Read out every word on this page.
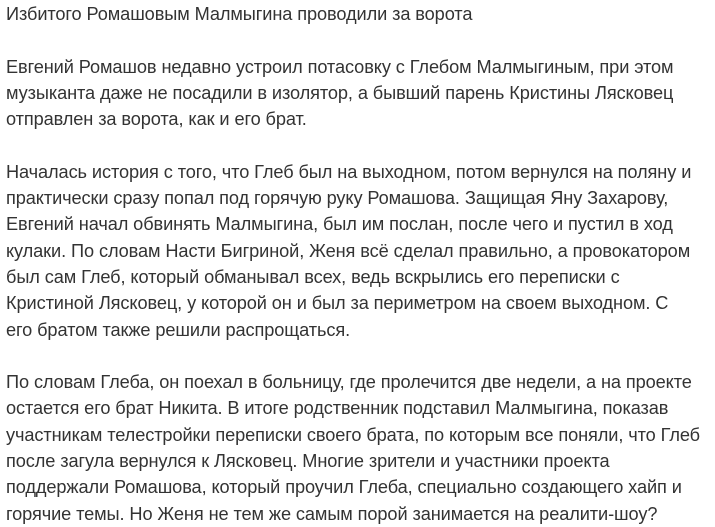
Избитого Ромашовым Малмыгина проводили за ворота

Евгений Ромашов недавно устроил потасовку с Глебом Малмыгиным, при этом
музыканта даже не посадили в изолятор, а бывший парень Кристины Лясковец
отправлен за ворота, как и его брат.

Началась история с того, что Глеб был на выходном, потом вернулся на поляну и
практически сразу попал под горячую руку Ромашова. Защищая Яну Захарову,
Евгений начал обвинять Малмыгина, был им послан, после чего и пустил в ход
кулаки. По словам Насти Бигриной, Женя всё сделал правильно, а провокатором
был сам Глеб, который обманывал всех, ведь вскрылись его переписки с
Кристиной Лясковец, у которой он и был за периметром на своем выходном. С
его братом также решили распрощаться.

По словам Глеба, он поехал в больницу, где пролечится две недели, а на проекте
остается его брат Никита. В итоге родственник подставил Малмыгина, показав
участникам телестройки переписки своего брата, по которым все поняли, что Глеб
после загула вернулся к Лясковец. Многие зрители и участники проекта
поддержали Ромашова, который проучил Глеба, специально создающего хайп и
горячие темы. Но Женя не тем же самым порой занимается на реалити-шоу?
